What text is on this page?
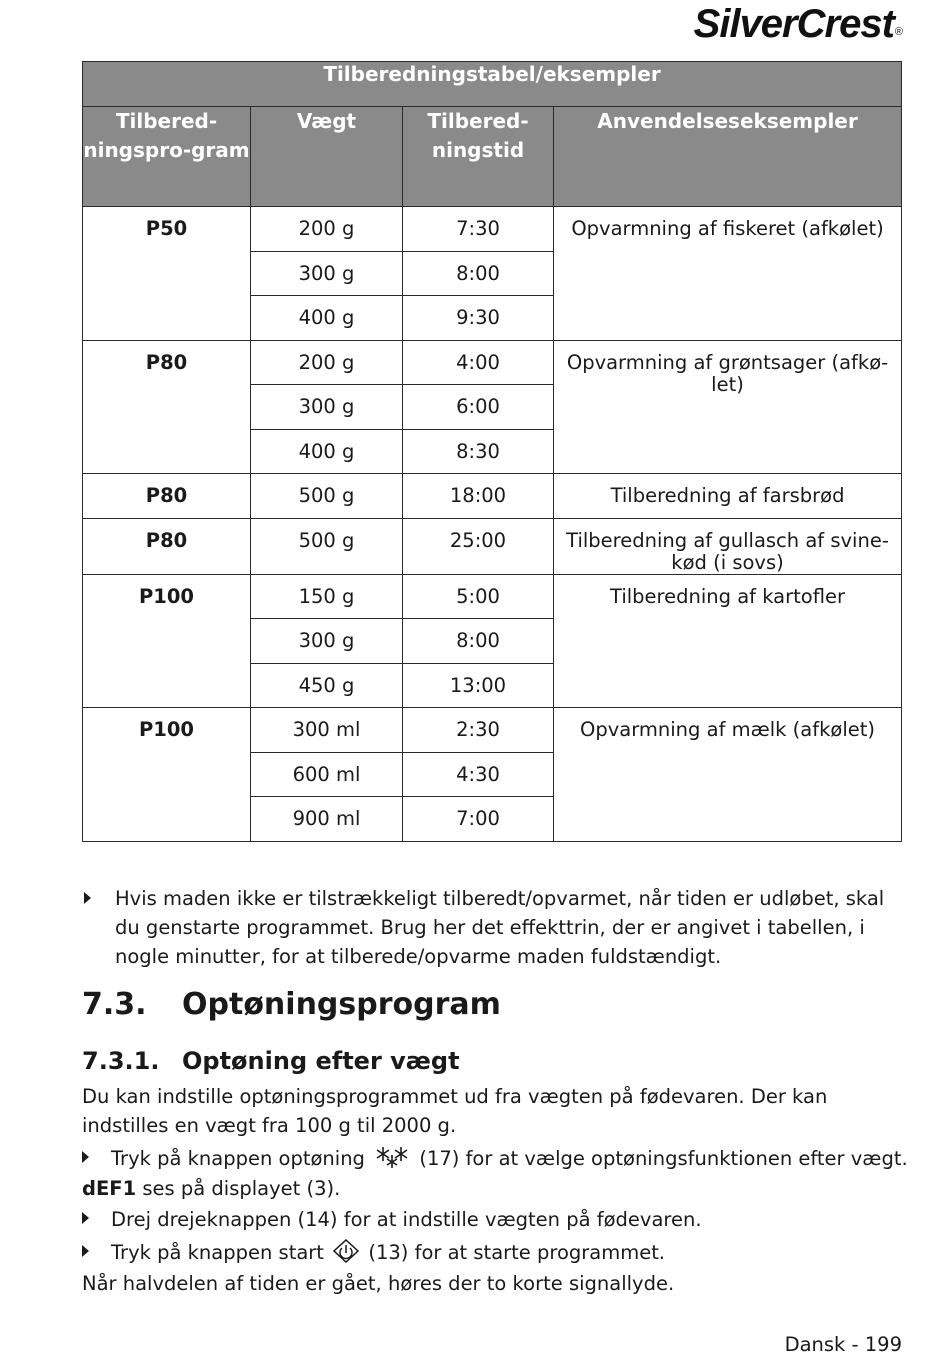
SilverCrest ®
Tilberedningstabel/eksempler			
Tilbered-ningspro-gram	Vægt	Tilbered-ningstid	Anvendelseseksempler
P50	200 g	7:30	Opvarmning af fiskeret (afkølet)
	300 g	8:00	
	400 g	9:30	
P80	200 g	4:00	Opvarmning af grøntsager (afkø-let)
	300 g	6:00	
	400 g	8:30	
P80	500 g	18:00	Tilberedning af farsbrød
P80	500 g	25:00	Tilberedning af gullasch af svine-kød (i sovs)
P100	150 g	5:00	Tilberedning af kartofler
	300 g	8:00	
	450 g	13:00	
P100	300 ml	2:30	Opvarmning af mælk (afkølet)
	600 ml	4:30	
	900 ml	7:00	
Hvis maden ikke er tilstrækkeligt tilberedt/opvarmet, når tiden er udløbet, skal du genstarte programmet. Brug her det effekttrin, der er angivet i tabellen, i nogle minutter, for at tilberede/opvarme maden fuldstændigt.
7.3. Optøningsprogram
7.3.1. Optøning efter vægt
Du kan indstille optøningsprogrammet ud fra vægten på fødevaren. Der kan indstilles en vægt fra 100 g til 2000 g.
Tryk på knappen optøning	(17) for at vælge optøningsfunktionen efter vægt.
dEF1 ses på displayet (3).
Drej drejeknappen (14) for at indstille vægten på fødevaren.
Tryk på knappen start (13) for at starte programmet.
Når halvdelen af tiden er gået, høres der to korte signallyde.
Dansk - 199
